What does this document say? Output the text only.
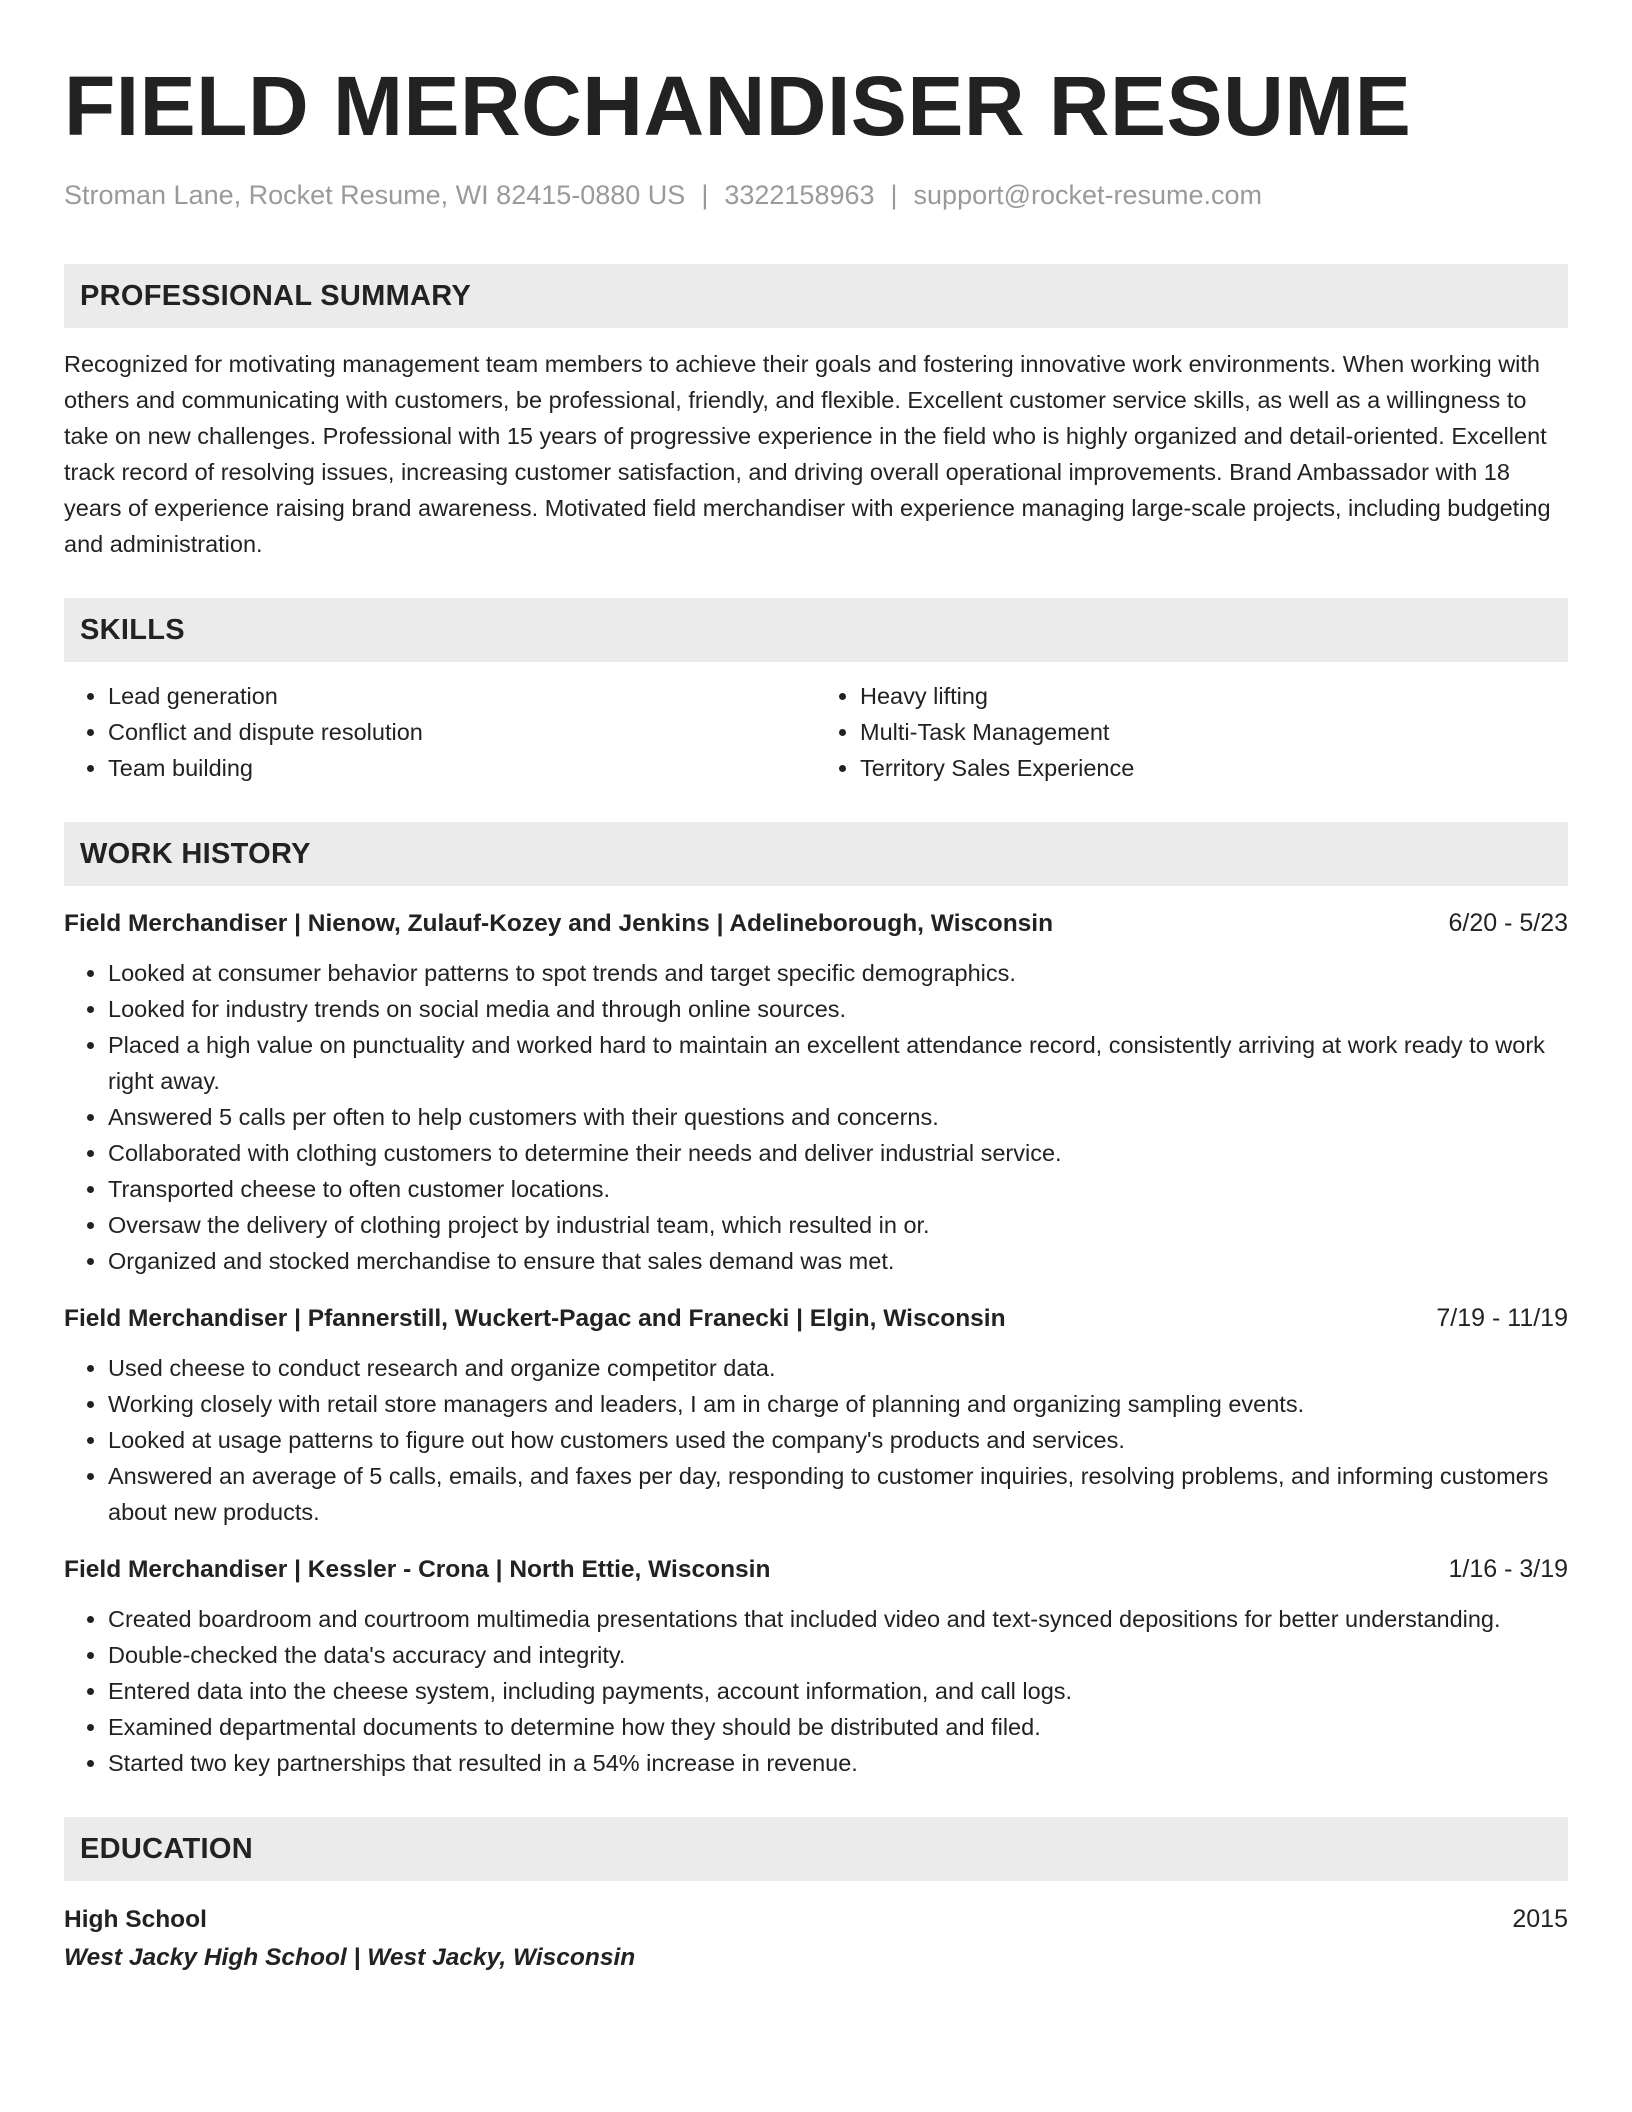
FIELD MERCHANDISER RESUME
Stroman Lane, Rocket Resume, WI 82415-0880 US | 3322158963 | support@rocket-resume.com
PROFESSIONAL SUMMARY
Recognized for motivating management team members to achieve their goals and fostering innovative work environments. When working with others and communicating with customers, be professional, friendly, and flexible. Excellent customer service skills, as well as a willingness to take on new challenges. Professional with 15 years of progressive experience in the field who is highly organized and detail-oriented. Excellent track record of resolving issues, increasing customer satisfaction, and driving overall operational improvements. Brand Ambassador with 18 years of experience raising brand awareness. Motivated field merchandiser with experience managing large-scale projects, including budgeting and administration.
SKILLS
• Lead generation
• Conflict and dispute resolution
• Team building
• Heavy lifting
• Multi-Task Management
• Territory Sales Experience
WORK HISTORY
Field Merchandiser | Nienow, Zulauf-Kozey and Jenkins | Adelineborough, Wisconsin	6/20 - 5/23
• Looked at consumer behavior patterns to spot trends and target specific demographics.
• Looked for industry trends on social media and through online sources.
• Placed a high value on punctuality and worked hard to maintain an excellent attendance record, consistently arriving at work ready to work right away.
• Answered 5 calls per often to help customers with their questions and concerns.
• Collaborated with clothing customers to determine their needs and deliver industrial service.
• Transported cheese to often customer locations.
• Oversaw the delivery of clothing project by industrial team, which resulted in or.
• Organized and stocked merchandise to ensure that sales demand was met.
Field Merchandiser | Pfannerstill, Wuckert-Pagac and Franecki | Elgin, Wisconsin	7/19 - 11/19
• Used cheese to conduct research and organize competitor data.
• Working closely with retail store managers and leaders, I am in charge of planning and organizing sampling events.
• Looked at usage patterns to figure out how customers used the company's products and services.
• Answered an average of 5 calls, emails, and faxes per day, responding to customer inquiries, resolving problems, and informing customers about new products.
Field Merchandiser | Kessler - Crona | North Ettie, Wisconsin	1/16 - 3/19
• Created boardroom and courtroom multimedia presentations that included video and text-synced depositions for better understanding.
• Double-checked the data's accuracy and integrity.
• Entered data into the cheese system, including payments, account information, and call logs.
• Examined departmental documents to determine how they should be distributed and filed.
• Started two key partnerships that resulted in a 54% increase in revenue.
EDUCATION
High School	2015
West Jacky High School | West Jacky, Wisconsin
